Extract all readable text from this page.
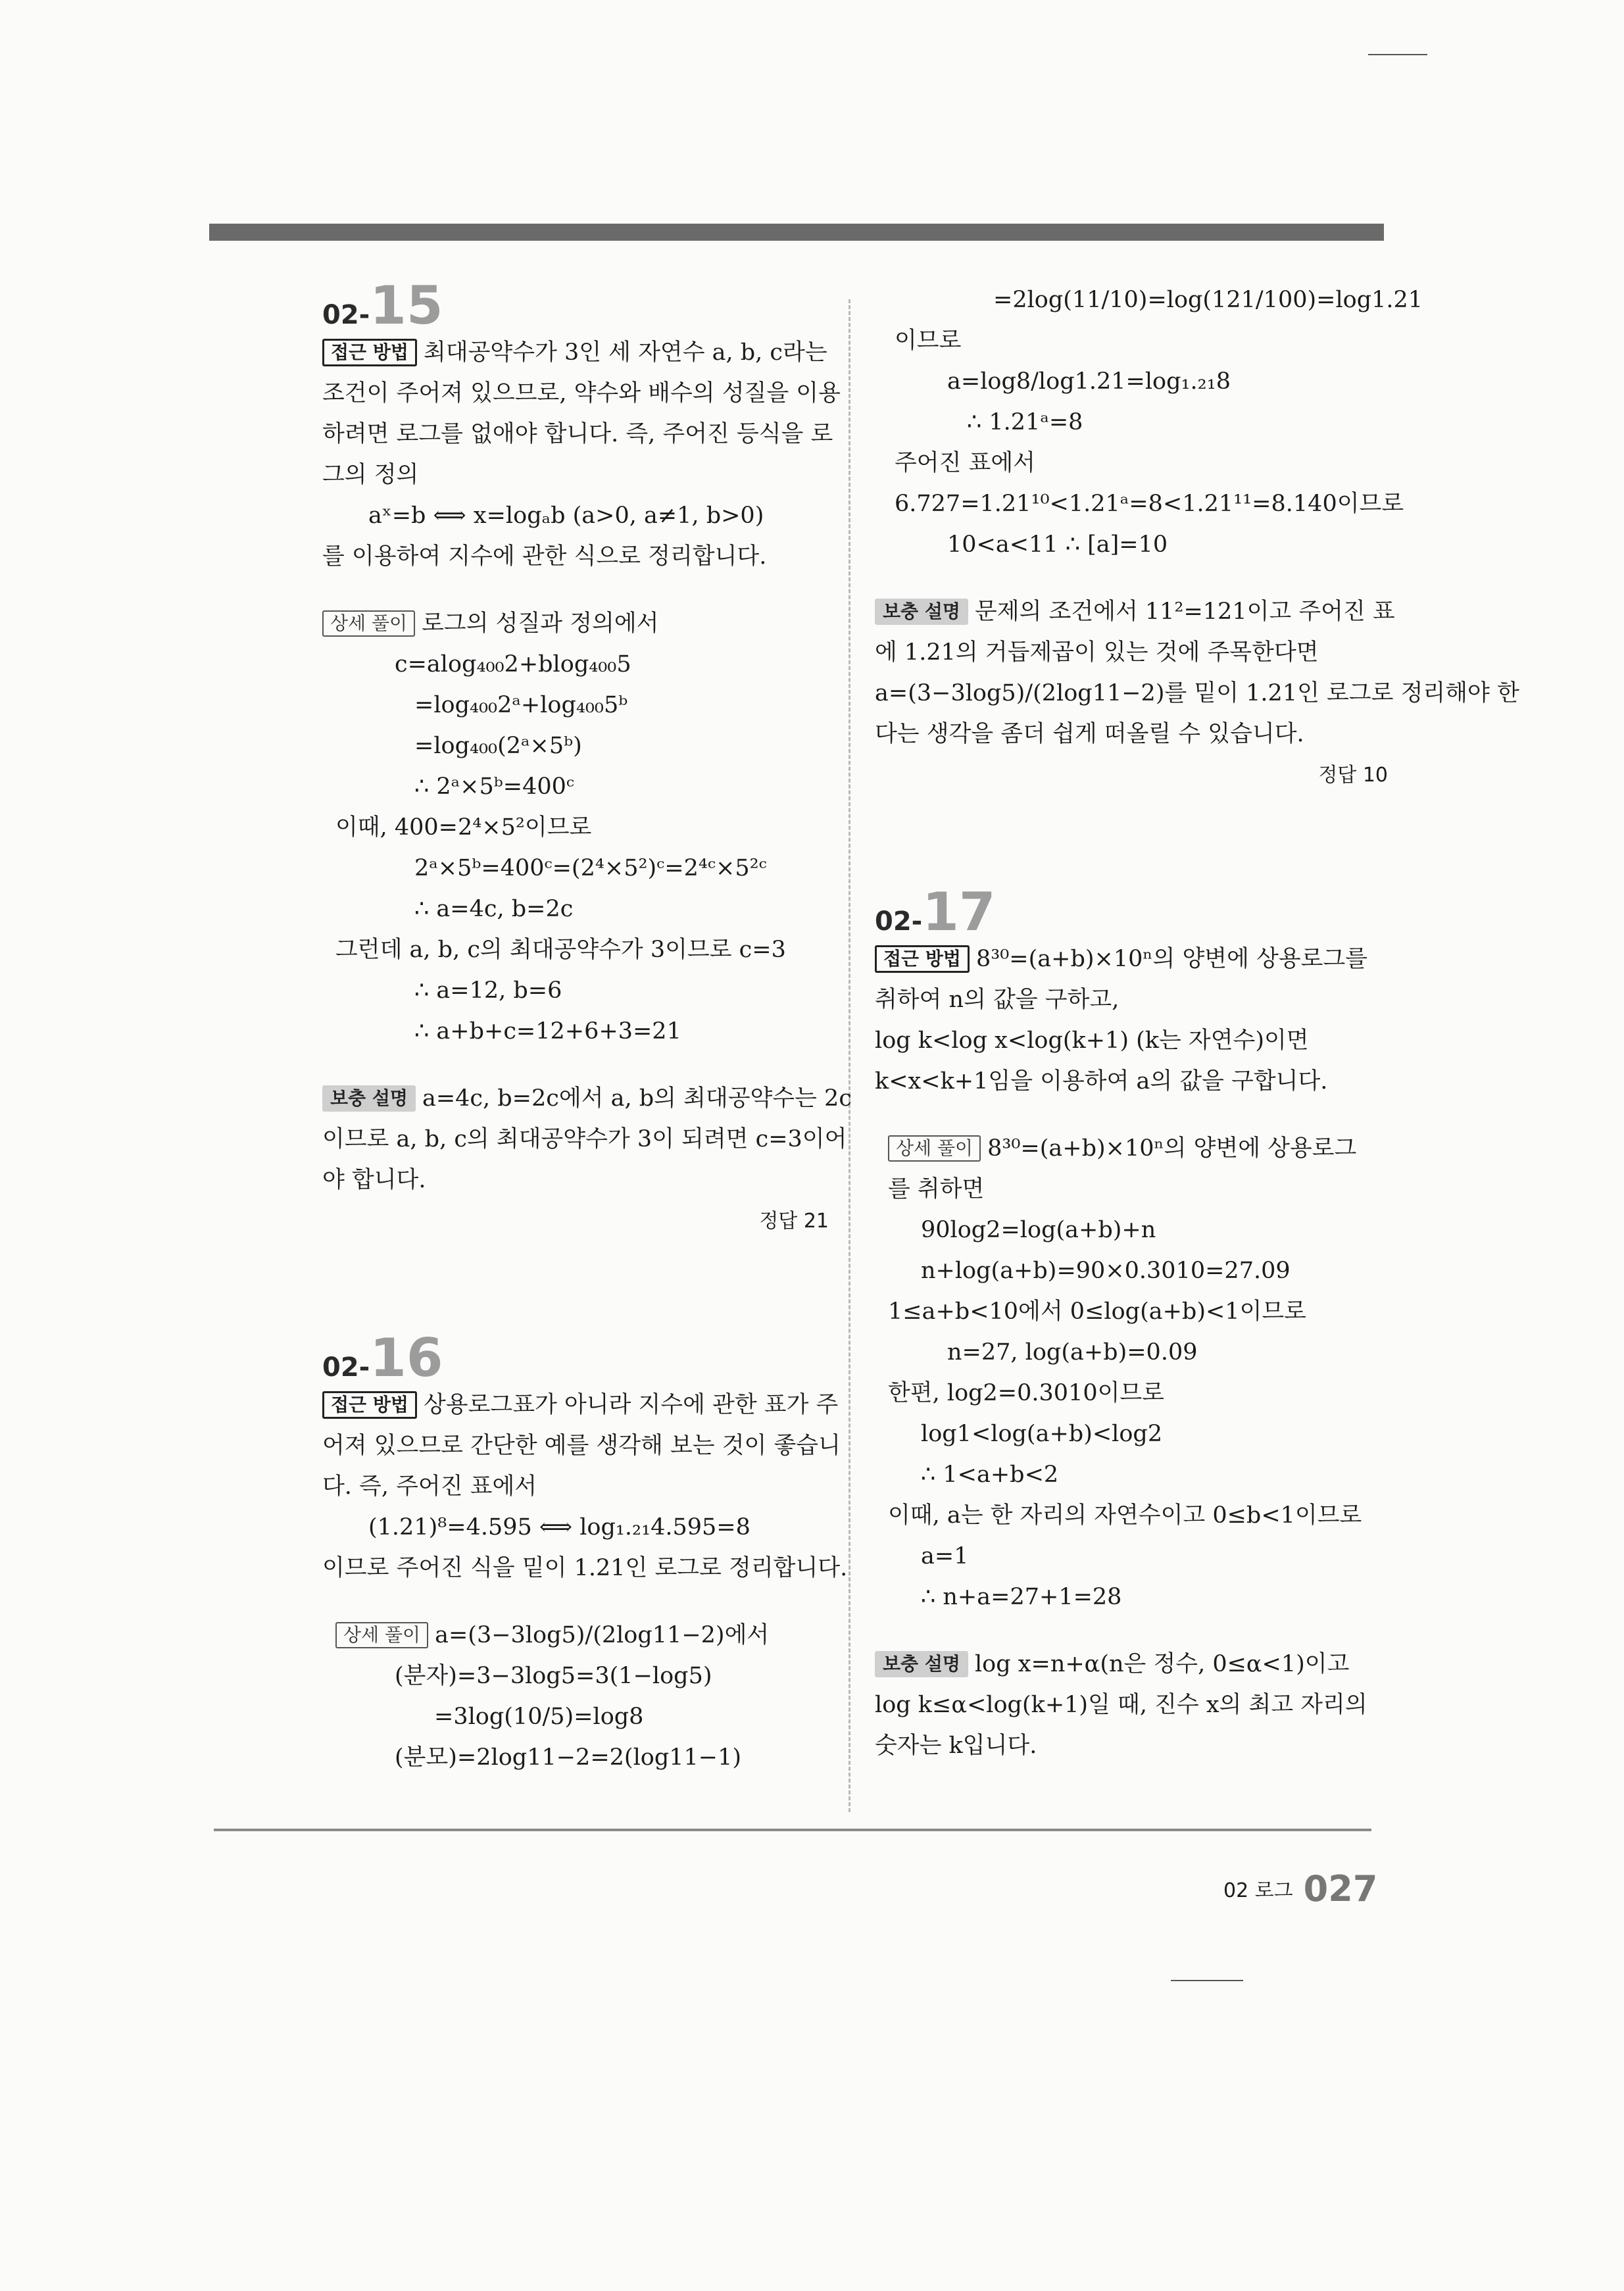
02-15
접근 방법 최대공약수가 3인 세 자연수 a, b, c라는
조건이 주어져 있으므로, 약수와 배수의 성질을 이용
하려면 로그를 없애야 합니다. 즉, 주어진 등식을 로
그의 정의
aˣ=b ⟺ x=logₐb (a>0, a≠1, b>0)
를 이용하여 지수에 관한 식으로 정리합니다.
상세 풀이 로그의 성질과 정의에서
c=alog₄₀₀2+blog₄₀₀5
=log₄₀₀2ᵃ+log₄₀₀5ᵇ
=log₄₀₀(2ᵃ×5ᵇ)
∴ 2ᵃ×5ᵇ=400ᶜ
이때, 400=2⁴×5²이므로
2ᵃ×5ᵇ=400ᶜ=(2⁴×5²)ᶜ=2⁴ᶜ×5²ᶜ
∴ a=4c, b=2c
그런데 a, b, c의 최대공약수가 3이므로 c=3
∴ a=12, b=6
∴ a+b+c=12+6+3=21
보충 설명 a=4c, b=2c에서 a, b의 최대공약수는 2c
이므로 a, b, c의 최대공약수가 3이 되려면 c=3이어
야 합니다.
정답 21
02-16
접근 방법 상용로그표가 아니라 지수에 관한 표가 주
어져 있으므로 간단한 예를 생각해 보는 것이 좋습니
다. 즉, 주어진 표에서
(1.21)⁸=4.595 ⟺ log₁.₂₁4.595=8
이므로 주어진 식을 밑이 1.21인 로그로 정리합니다.
상세 풀이 a=(3−3log5)/(2log11−2)에서
(분자)=3−3log5=3(1−log5)
=3log(10/5)=log8
(분모)=2log11−2=2(log11−1)
=2log(11/10)=log(121/100)=log1.21
이므로
a=log8/log1.21=log₁.₂₁8
∴ 1.21ᵃ=8
주어진 표에서
6.727=1.21¹⁰<1.21ᵃ=8<1.21¹¹=8.140이므로
10<a<11 ∴ [a]=10
보충 설명 문제의 조건에서 11²=121이고 주어진 표
에 1.21의 거듭제곱이 있는 것에 주목한다면
a=(3−3log5)/(2log11−2)를 밑이 1.21인 로그로 정리해야 한
다는 생각을 좀더 쉽게 떠올릴 수 있습니다.
정답 10
02-17
접근 방법 8³⁰=(a+b)×10ⁿ의 양변에 상용로그를
취하여 n의 값을 구하고,
log k<log x<log(k+1) (k는 자연수)이면
k<x<k+1임을 이용하여 a의 값을 구합니다.
상세 풀이 8³⁰=(a+b)×10ⁿ의 양변에 상용로그
를 취하면
90log2=log(a+b)+n
n+log(a+b)=90×0.3010=27.09
1≤a+b<10에서 0≤log(a+b)<1이므로
n=27, log(a+b)=0.09
한편, log2=0.3010이므로
log1<log(a+b)<log2
∴ 1<a+b<2
이때, a는 한 자리의 자연수이고 0≤b<1이므로
a=1
∴ n+a=27+1=28
보충 설명 log x=n+α(n은 정수, 0≤α<1)이고
log k≤α<log(k+1)일 때, 진수 x의 최고 자리의
숫자는 k입니다.
02 로그 027
